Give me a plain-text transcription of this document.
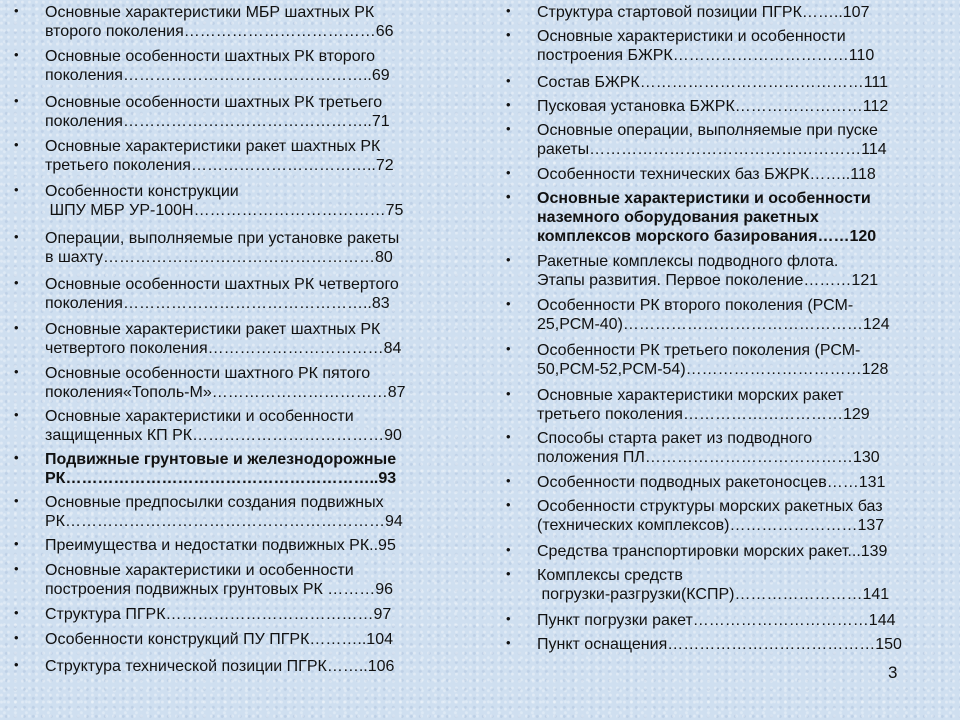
• Основные характеристики МБР шахтных РК
второго поколения………………………………66
• Основные особенности шахтных РК второго
поколения………………………………………..69
• Основные особенности шахтных РК третьего
поколения………………………………………..71
• Основные характеристики ракет шахтных РК
третьего поколения……………………………..72
• Особенности конструкции
ШПУ МБР УР-100Н………………………………75
• Операции, выполняемые при установке ракеты
в шахту……………………………………………80
• Основные особенности шахтных РК четвертого
поколения………………………………………..83
• Основные характеристики ракет шахтных РК
четвертого поколения……………………………84
• Основные особенности шахтного РК пятого
поколения«Тополь-М»……………………………87
• Основные характеристики и особенности
защищенных КП РК………………………………90
• Подвижные грунтовые и железнодорожные
РК…………………………………………………..93
• Основные предпосылки создания подвижных
РК……………………………………………………94
• Преимущества и недостатки подвижных РК..95
• Основные характеристики и особенности
построения подвижных грунтовых РК ………96
• Структура ПГРК…………………………………97
• Особенности конструкций ПУ ПГРК………..104
• Структура технической позиции ПГРК……..106
• Структура стартовой позиции ПГРК……..107
• Основные характеристики и особенности
построения БЖРК……………………………110
• Состав БЖРК……………………………………111
• Пусковая установка БЖРК……………………112
• Основные операции, выполняемые при пуске
ракеты……………………………………………114
• Особенности технических баз БЖРК……..118
• Основные характеристики и особенности
наземного оборудования ракетных
комплексов морского базирования……120
• Ракетные комплексы подводного флота.
Этапы развития. Первое поколение………121
• Особенности РК второго поколения (РСМ-
25,РСМ-40)………………………………………124
• Особенности РК третьего поколения (РСМ-
50,РСМ-52,РСМ-54)……………………………128
• Основные характеристики морских ракет
третьего поколения…………………………129
• Способы старта ракет из подводного
положения ПЛ…………………………………130
• Особенности подводных ракетоносцев……131
• Особенности структуры морских ракетных баз
(технических комплексов)……………………137
• Средства транспортировки морских ракет...139
• Комплексы средств
погрузки-разгрузки(КСПР)……………………141
• Пункт погрузки ракет……………………………144
• Пункт оснащения…………………………………150
3
